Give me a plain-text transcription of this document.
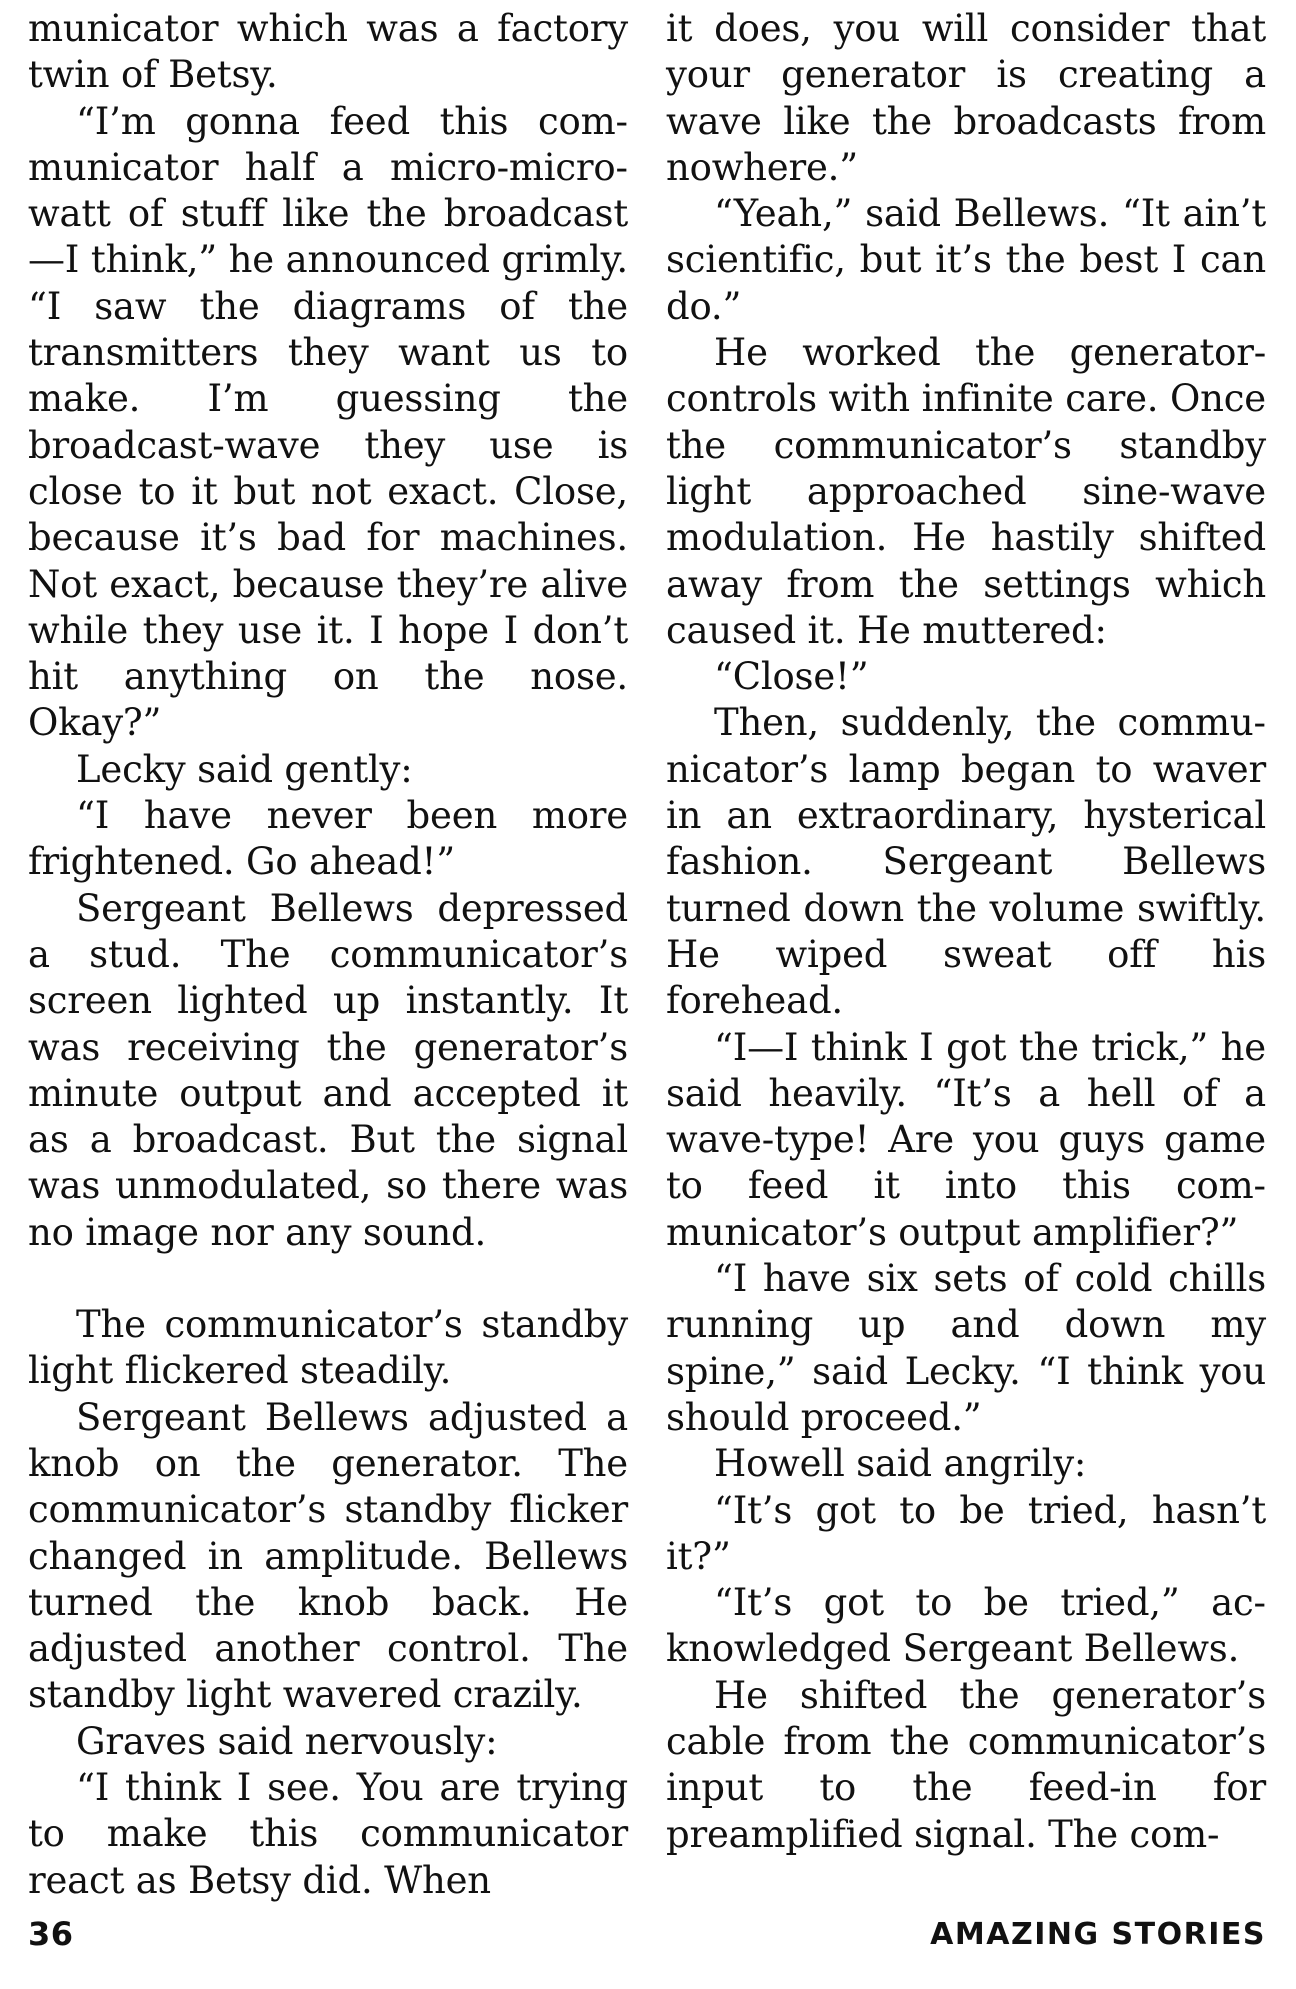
municator which was a factory twin of Betsy.

“I’m gonna feed this communicator half a micro-microwatt of stuff like the broadcast—I think,” he announced grimly. “I saw the diagrams of the transmitters they want us to make. I’m guessing the broadcast-wave they use is close to it but not exact. Close, because it’s bad for machines. Not exact, because they’re alive while they use it. I hope I don’t hit anything on the nose. Okay?”

Lecky said gently:

“I have never been more frightened. Go ahead!”

Sergeant Bellews depressed a stud. The communicator’s screen lighted up instantly. It was receiving the generator’s minute output and accepted it as a broadcast. But the signal was unmodulated, so there was no image nor any sound.

The communicator’s standby light flickered steadily.

Sergeant Bellews adjusted a knob on the generator. The communicator’s standby flicker changed in amplitude. Bellews turned the knob back. He adjusted another control. The standby light wavered crazily.

Graves said nervously:

“I think I see. You are trying to make this communicator react as Betsy did. When

it does, you will consider that your generator is creating a wave like the broadcasts from nowhere.”

“Yeah,” said Bellews. “It ain’t scientific, but it’s the best I can do.”

He worked the generator-controls with infinite care. Once the communicator’s standby light approached sine-wave modulation. He hastily shifted away from the settings which caused it. He muttered:

“Close!”

Then, suddenly, the communicator’s lamp began to waver in an extraordinary, hysterical fashion. Sergeant Bellews turned down the volume swiftly. He wiped sweat off his forehead.

“I—I think I got the trick,” he said heavily. “It’s a hell of a wave-type! Are you guys game to feed it into this communicator’s output amplifier?”

“I have six sets of cold chills running up and down my spine,” said Lecky. “I think you should proceed.”

Howell said angrily:

“It’s got to be tried, hasn’t it?”

“It’s got to be tried,” acknowledged Sergeant Bellews.

He shifted the generator’s cable from the communicator’s input to the feed-in for preamplified signal. The com-

36	AMAZING STORIES
